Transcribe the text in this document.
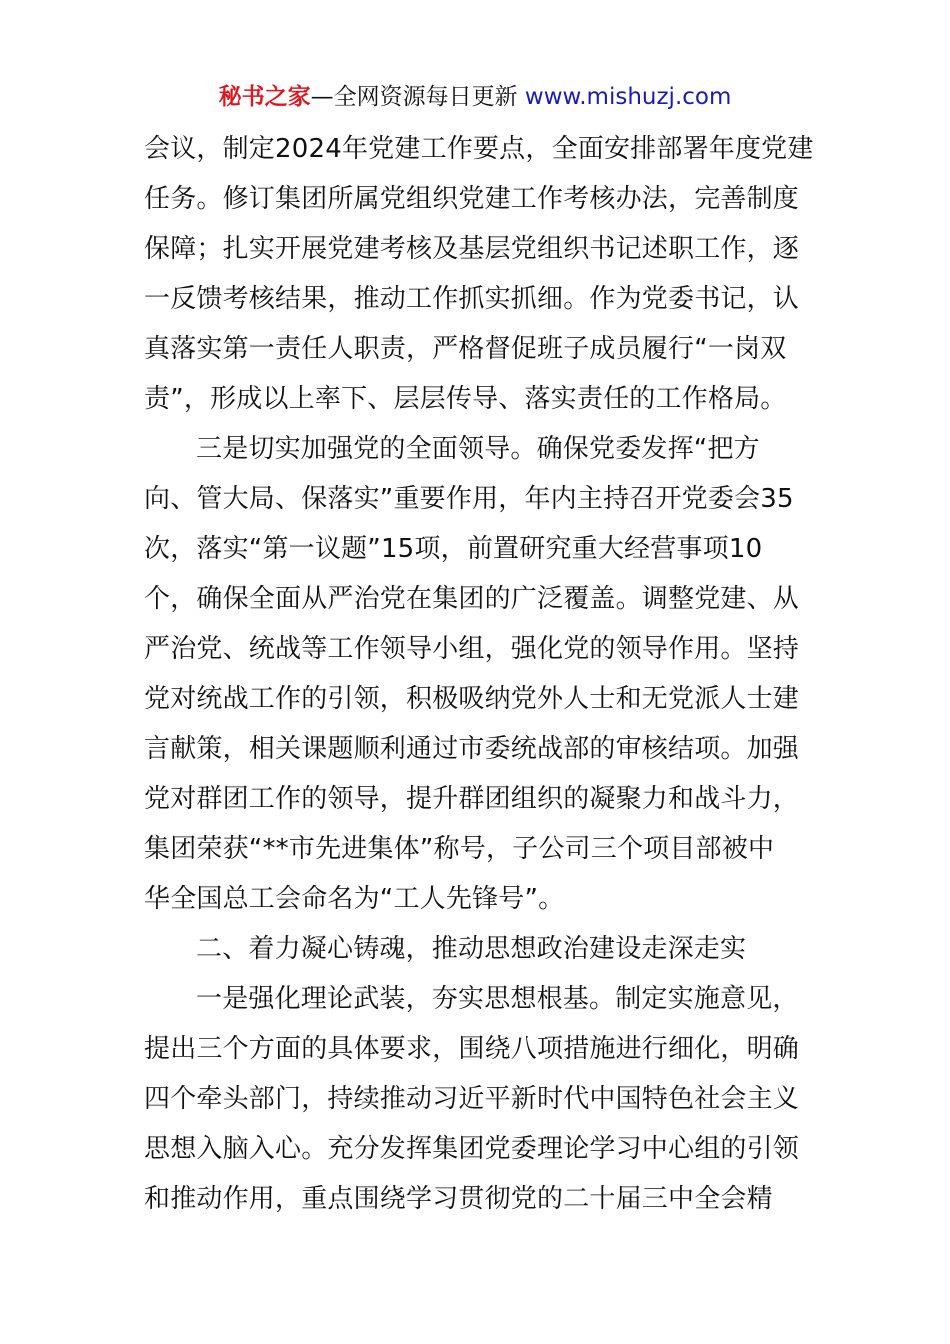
秘书之家—全网资源每日更新 www.mishuzj.com
会议，制定2024年党建工作要点，全面安排部署年度党建
任务。修订集团所属党组织党建工作考核办法，完善制度
保障；扎实开展党建考核及基层党组织书记述职工作，逐
一反馈考核结果，推动工作抓实抓细。作为党委书记，认
真落实第一责任人职责，严格督促班子成员履行“一岗双
责”，形成以上率下、层层传导、落实责任的工作格局。
三是切实加强党的全面领导。确保党委发挥“把方
向、管大局、保落实”重要作用，年内主持召开党委会35
次，落实“第一议题”15项，前置研究重大经营事项10
个，确保全面从严治党在集团的广泛覆盖。调整党建、从
严治党、统战等工作领导小组，强化党的领导作用。坚持
党对统战工作的引领，积极吸纳党外人士和无党派人士建
言献策，相关课题顺利通过市委统战部的审核结项。加强
党对群团工作的领导，提升群团组织的凝聚力和战斗力，
集团荣获“**市先进集体”称号，子公司三个项目部被中
华全国总工会命名为“工人先锋号”。
二、着力凝心铸魂，推动思想政治建设走深走实
一是强化理论武装，夯实思想根基。制定实施意见，
提出三个方面的具体要求，围绕八项措施进行细化，明确
四个牵头部门，持续推动习近平新时代中国特色社会主义
思想入脑入心。充分发挥集团党委理论学习中心组的引领
和推动作用，重点围绕学习贯彻党的二十届三中全会精
